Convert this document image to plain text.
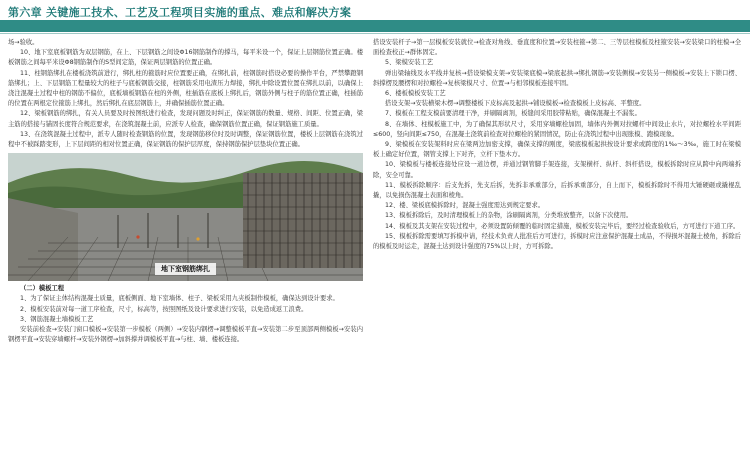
第六章 关键施工技术、工艺及工程项目实施的重点、难点和解决方案

场→验收。

10、地下室底板钢筋为双层钢筋，在上、下层钢筋之间设Φ16钢筋制作的撑马，每平米设一个，保证上层钢筋位置正确。楼板钢筋之间每平米设Φ8钢筋制作的S型间定筋，保证两层钢筋的位置正确。

11、柱钢筋绑扎在楼板浇筑前进行，绑扎柱的箍筋时应位置要正确，在绑扎前，柱钢筋时搭设必要的操作平台，严禁攀蹬钢筋绑扎；上、下层钢筋工程量较大的柱子与底板钢筋交接，柱钢筋采用电渣压力焊接，绑扎中除设置位置在绑扎以前，以确保上浇注混凝土过程中柱的钢筋不偏位，底板墙板钢筋在柱的外侧，柱插筋在底板上绑扎后，钢筋外侧与柱子的筋位置正确，柱插筋的位置在两根定位箍筋上绑扎，然后绑扎在底层钢筋上，并确保插筋位置正确。

12、梁板钢筋的绑扎，有关人员要及时按图纸进行检查，发现问题及时纠正，保证钢筋的数量、规格、间距、位置正确，梁主筋的搭接与锚固长度符合规范要求，在浇筑混凝土前，应派专人检查，确保钢筋位置正确，保证钢筋施工质量。

13、在浇筑混凝土过程中，派专人随时检查钢筋的位置，发现钢筋移位时及时调整，保证钢筋位置，楼板上层钢筋在浇筑过程中不被踩踏变形，上下层间距的相对位置正确，保证钢筋的保护层厚度，保持钢筋保护层垫块位置正确。

地下室钢筋绑扎

（二）模板工程

1、为了保证主体结构混凝土质量，底板侧面、地下室墙体、柱子、梁板采用九夹板制作模板，确保达到设计要求。

2、模板安装前对每一道工序检查，尺寸，标高等，按照图纸及设计要求进行安装，以免造成返工浪费。

3、钢筋混凝土墙模板工艺

安装前检查→安装门窗口模板→安装第一步模板（两侧）→安装内钢楞→调整模板平直→安装第二步至顶部两侧模板→安装内钢楞平直→安装穿墙螺杆→安装外钢楞→加斜撑并调模板平直→与柱、墙、楼板连接。

搭设安装杆子→第一层模板安装就位→检查对角线、垂直度和位置→安装柱箍→第二、三等层柱模板及柱箍安装→安装梁口的柱模→全面检查校正→群体固定。

5、梁模安装工艺

弹出梁轴线及水平线并复核→搭设梁模支架→安装梁底模→梁底起拱→绑扎钢筋→安装侧模→安装另一侧模板→安装上下锁口楞、斜撑楞及腰楞和对拉螺栓→复核梁模尺寸、位置→与相邻模板连接牢固。

6、楼板模板安装工艺

搭设支架→安装横梁木楞→调整楼板下皮标高及起拱→铺设模板→检查模板上皮标高、平整度。

7、模板在工程支模前要清理干净，并刷隔离剂，板缝间采用胶带粘贴，确保混凝土不漏浆。

8、在墙体、柱模板施工中，为了确保其形状尺寸，采用穿墙螺栓加固，墙体内外侧对拉螺杆中间设止水片，对拉螺栓水平间距≤600，竖向间距≤750，在混凝土浇筑前检查对拉螺栓的紧固情况，防止在浇筑过程中出现胀模、跑模现象。

9、梁模板在安装架料时应在梁两边加密支撑，确保支撑的刚度，梁底模板起拱按设计要求或跨度的1‰～3‰，施工时在梁模板上确定好位置，钢管支撑上下对齐，立杆下垫木方。

10、梁模板与楼板连接处应设一道边楞，并通过钢管脚手架连接，支架横杆、纵杆、斜杆搭设，模板拆除时应从跨中向两端拆除，安全可靠。

11、模板拆除顺序：后支先拆，先支后拆，先拆非承重部分，后拆承重部分，自上而下，模板拆除时不得用大锤硬砸或撬棍乱撬，以免损伤混凝土表面和棱角。

12、楼、梁板底模拆除时，混凝土强度需达到规定要求。

13、模板拆除后，及时清理模板上的杂物，涂刷隔离剂，分类堆放整齐，以备下次使用。

14、模板及其支架在安装过程中，必须设置防倾覆的临时固定措施，模板安装完毕后，要经过检查验收后，方可进行下道工序。

15、模板拆除需要填写拆模申请，经技术负责人批准后方可进行，拆模时应注意保护混凝土成品，不得损坏混凝土棱角，拆除后的模板及时运走，混凝土达到设计强度的75%以上时，方可拆除。
